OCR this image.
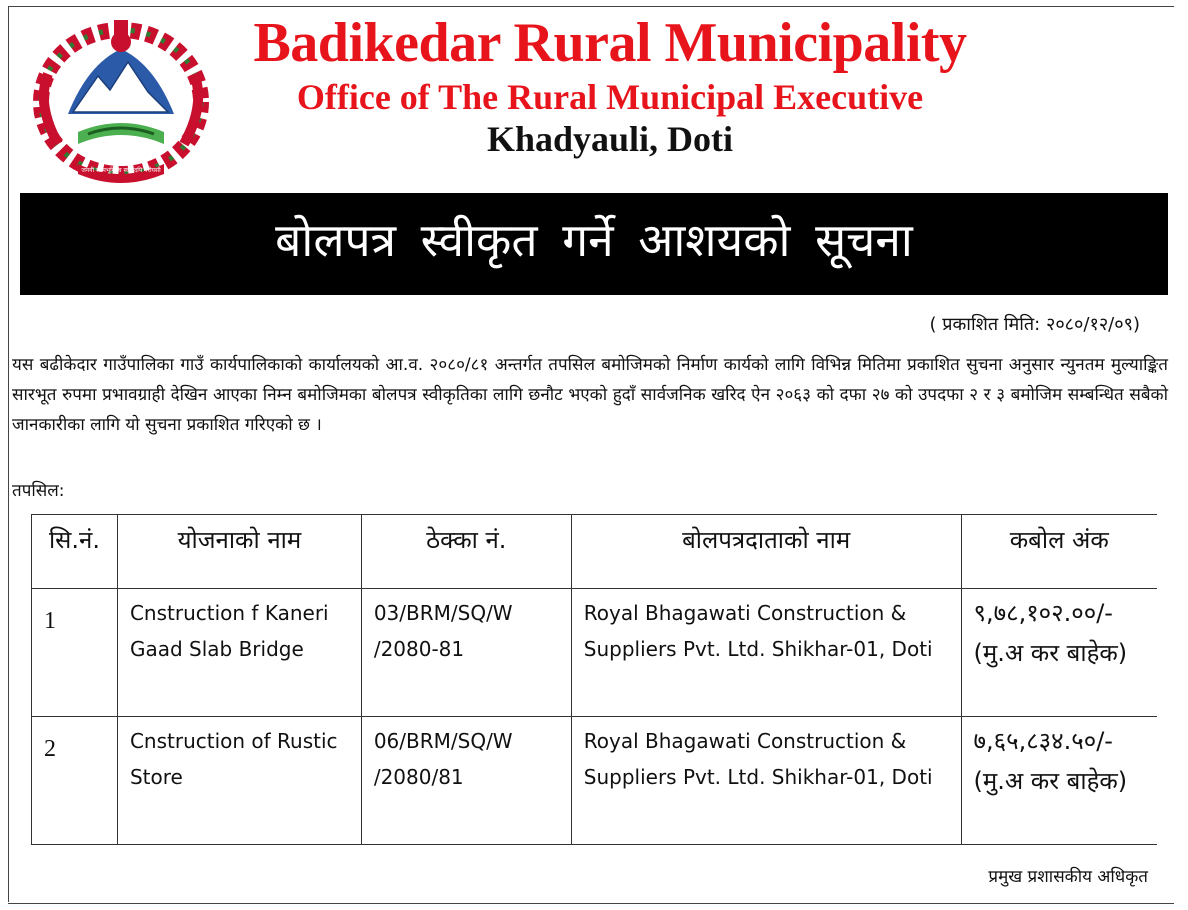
जननी जन्मभूमिश्च स्वर्गादपि गरीयसी
Badikedar Rural Municipality
Office of The Rural Municipal Executive
Khadyauli, Doti
बोलपत्र स्वीकृत गर्ने आशयको सूचना
( प्रकाशित मिति: २०८०/१२/०९)
यस बढीकेदार गाउँपालिका गाउँ कार्यपालिकाको कार्यालयको आ.व. २०८०/८१ अन्तर्गत तपसिल बमोजिमको निर्माण कार्यको लागि विभिन्न मितिमा प्रकाशित सुचना अनुसार न्युनतम मुल्याङ्कित सारभूत रुपमा प्रभावग्राही देखिन आएका निम्न बमोजिमका बोलपत्र स्वीकृतिका लागि छनौट भएको हुदाँ सार्वजनिक खरिद ऐन २०६३ को दफा २७ को उपदफा २ र ३ बमोजिम सम्बन्धित सबैको जानकारीका लागि यो सुचना प्रकाशित गरिएको छ ।
तपसिल:
सि.नं.	योजनाको नाम	ठेक्का नं.	बोलपत्रदाताको नाम	कबोल अंक
1	Cnstruction f Kaneri Gaad Slab Bridge	03/BRM/SQ/W /2080-81	Royal Bhagawati Construction & Suppliers Pvt. Ltd. Shikhar-01, Doti	९,७८,१०२.००/-
(मु.अ कर बाहेक)

2	Cnstruction of Rustic Store	06/BRM/SQ/W /2080/81	Royal Bhagawati Construction & Suppliers Pvt. Ltd. Shikhar-01, Doti	७,६५,८३४.५०/-
(मु.अ कर बाहेक)
प्रमुख प्रशासकीय अधिकृत
